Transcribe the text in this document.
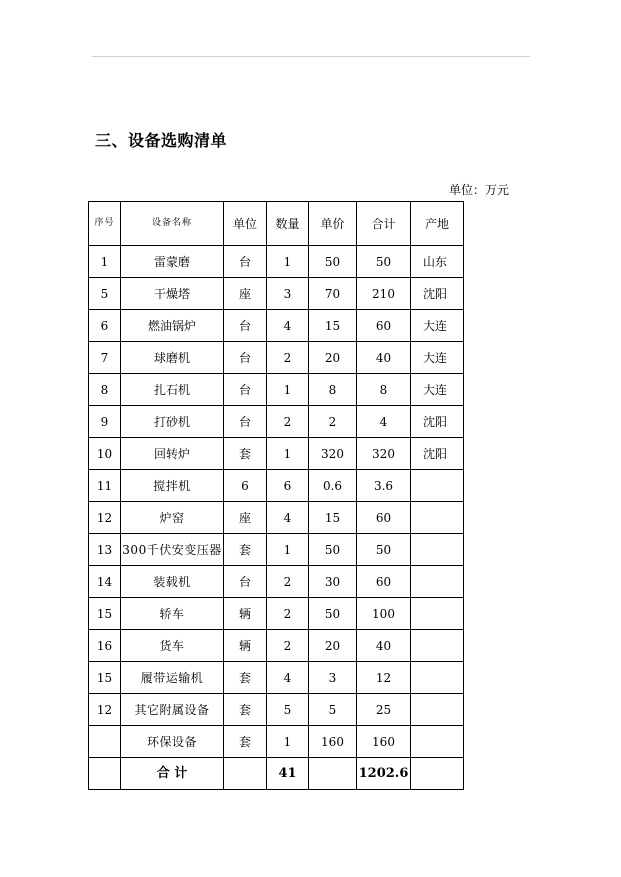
三、设备选购清单
单位：万元
序号	设备名称	单位	数量	单价	合计	产地
1	雷蒙磨	台	1	50	50	山东
5	干燥塔	座	3	70	210	沈阳
6	燃油锅炉	台	4	15	60	大连
7	球磨机	台	2	20	40	大连
8	扎石机	台	1	8	8	大连
9	打砂机	台	2	2	4	沈阳
10	回转炉	套	1	320	320	沈阳
11	搅拌机	6	6	0.6	3.6	
12	炉窑	座	4	15	60	
13	300千伏安变压器	套	1	50	50	
14	装载机	台	2	30	60	
15	轿车	辆	2	50	100	
16	货车	辆	2	20	40	
15	履带运输机	套	4	3	12	
12	其它附属设备	套	5	5	25	
	环保设备	套	1	160	160	
	合 计		41		1202.6	
